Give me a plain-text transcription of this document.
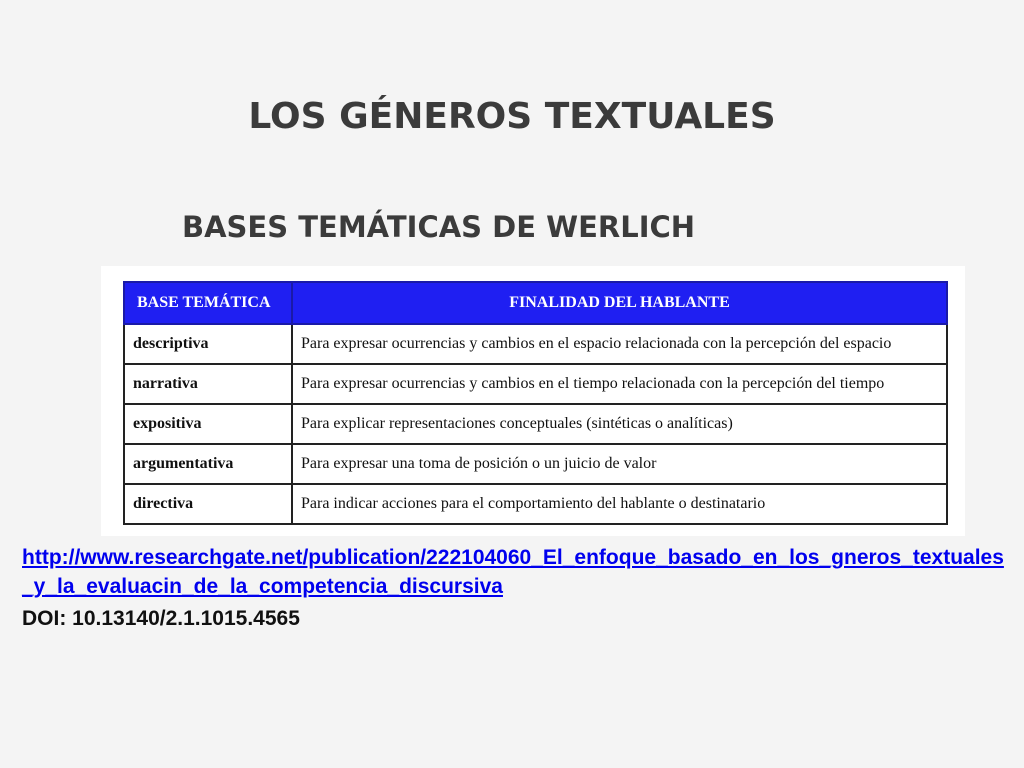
LOS GÉNEROS TEXTUALES
BASES TEMÁTICAS DE WERLICH
BASE TEMÁTICA	FINALIDAD DEL HABLANTE
descriptiva	Para expresar ocurrencias y cambios en el espacio relacionada con la percepción del espacio
narrativa	Para expresar ocurrencias y cambios en el tiempo relacionada con la percepción del tiempo
expositiva	Para explicar representaciones conceptuales (sintéticas o analíticas)
argumentativa	Para expresar una toma de posición o un juicio de valor
directiva	Para indicar acciones para el comportamiento del hablante o destinatario
http://www.researchgate.net/publication/222104060_El_enfoque_basado_en_los_gneros_textuales_y_la_evaluacin_de_la_competencia_discursiva
DOI: 10.13140/2.1.1015.4565
